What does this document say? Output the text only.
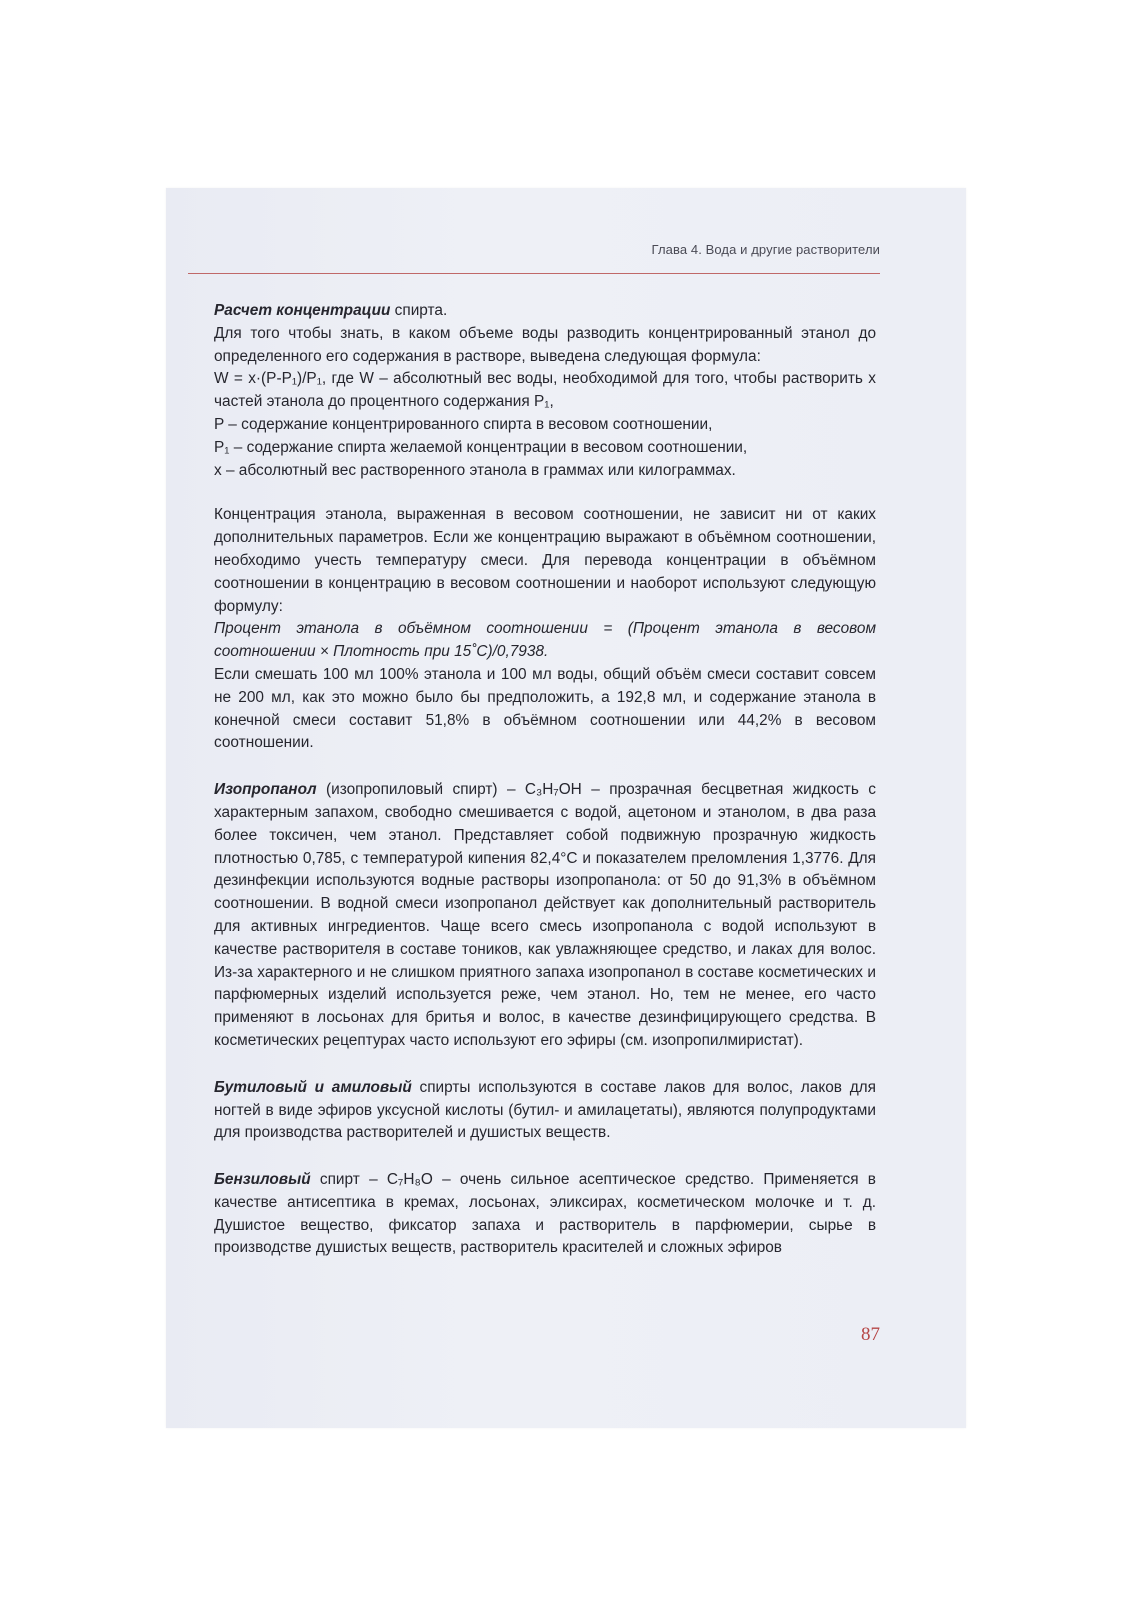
Глава 4. Вода и другие растворители

Расчет концентрации спирта.

Для того чтобы знать, в каком объеме воды разводить концентрированный этанол до определенного его содержания в растворе, выведена следующая формула:

W = x·(P-P₁)/P₁, где W – абсолютный вес воды, необходимой для того, чтобы растворить x частей этанола до процентного содержания P₁,

P – содержание концентрированного спирта в весовом соотношении,

P₁ – содержание спирта желаемой концентрации в весовом соотношении,

x – абсолютный вес растворенного этанола в граммах или килограммах.

Концентрация этанола, выраженная в весовом соотношении, не зависит ни от каких дополнительных параметров. Если же концентрацию выражают в объёмном соотношении, необходимо учесть температуру смеси. Для перевода концентрации в объёмном соотношении в концентрацию в весовом соотношении и наоборот используют следующую формулу:

Процент этанола в объёмном соотношении = (Процент этанола в весовом соотношении × Плотность при 15˚С)/0,7938.

Если смешать 100 мл 100% этанола и 100 мл воды, общий объём смеси составит совсем не 200 мл, как это можно было бы предположить, а 192,8 мл, и содержание этанола в конечной смеси составит 51,8% в объёмном соотношении или 44,2% в весовом соотношении.

Изопропанол (изопропиловый спирт) – C₃H₇OH – прозрачная бесцветная жидкость с характерным запахом, свободно смешивается с водой, ацетоном и этанолом, в два раза более токсичен, чем этанол. Представляет собой подвижную прозрачную жидкость плотностью 0,785, с температурой кипения 82,4°С и показателем преломления 1,3776. Для дезинфекции используются водные растворы изопропанола: от 50 до 91,3% в объёмном соотношении. В водной смеси изопропанол действует как дополнительный растворитель для активных ингредиентов. Чаще всего смесь изопропанола с водой используют в качестве растворителя в составе тоников, как увлажняющее средство, и лаках для волос. Из-за характерного и не слишком приятного запаха изопропанол в составе косметических и парфюмерных изделий используется реже, чем этанол. Но, тем не менее, его часто применяют в лосьонах для бритья и волос, в качестве дезинфицирующего средства. В косметических рецептурах часто используют его эфиры (см. изопропилмиристат).

Бутиловый и амиловый спирты используются в составе лаков для волос, лаков для ногтей в виде эфиров уксусной кислоты (бутил- и амилацетаты), являются полупродуктами для производства растворителей и душистых веществ.

Бензиловый спирт – C₇H₈O – очень сильное асептическое средство. Применяется в качестве антисептика в кремах, лосьонах, эликсирах, косметическом молочке и т. д. Душистое вещество, фиксатор запаха и растворитель в парфюмерии, сырье в производстве душистых веществ, растворитель красителей и сложных эфиров

87
